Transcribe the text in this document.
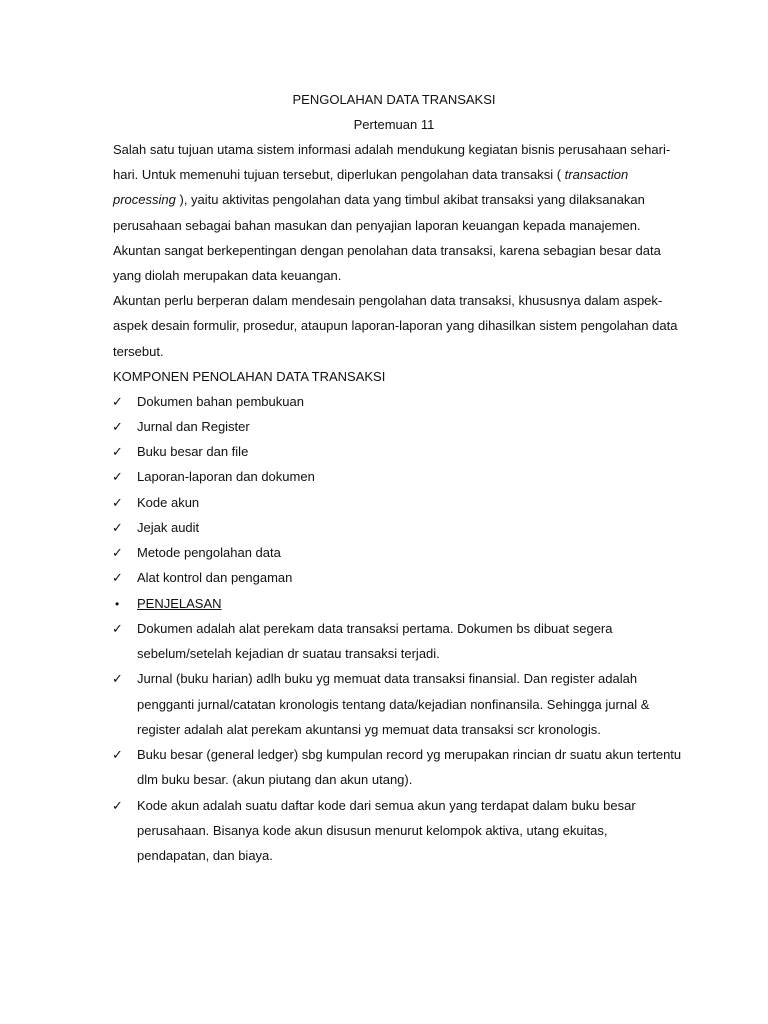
PENGOLAHAN DATA TRANSAKSI
Pertemuan 11
Salah satu tujuan utama sistem informasi adalah mendukung kegiatan bisnis perusahaan sehari-
hari. Untuk memenuhi tujuan tersebut, diperlukan pengolahan data transaksi ( transaction
processing ), yaitu aktivitas pengolahan data yang timbul akibat transaksi yang dilaksanakan
perusahaan sebagai bahan masukan dan penyajian laporan keuangan kepada manajemen.
Akuntan sangat berkepentingan dengan penolahan data transaksi, karena sebagian besar data
yang diolah merupakan data keuangan.
Akuntan perlu berperan dalam mendesain pengolahan data transaksi, khususnya dalam aspek-
aspek desain formulir, prosedur, ataupun laporan-laporan yang dihasilkan sistem pengolahan data
tersebut.
KOMPONEN PENOLAHAN DATA TRANSAKSI
✓ Dokumen bahan pembukuan
✓ Jurnal dan Register
✓ Buku besar dan file
✓ Laporan-laporan dan dokumen
✓ Kode akun
✓ Jejak audit
✓ Metode pengolahan data
✓ Alat kontrol dan pengaman
• PENJELASAN
✓ Dokumen adalah alat perekam data transaksi pertama. Dokumen bs dibuat segera
sebelum/setelah kejadian dr suatau transaksi terjadi.
✓ Jurnal (buku harian) adlh buku yg memuat data transaksi finansial. Dan register adalah
pengganti jurnal/catatan kronologis tentang data/kejadian nonfinansila. Sehingga jurnal &
register adalah alat perekam akuntansi yg memuat data transaksi scr kronologis.
✓ Buku besar (general ledger) sbg kumpulan record yg merupakan rincian dr suatu akun tertentu
dlm buku besar. (akun piutang dan akun utang).
✓ Kode akun adalah suatu daftar kode dari semua akun yang terdapat dalam buku besar
perusahaan. Bisanya kode akun disusun menurut kelompok aktiva, utang ekuitas,
pendapatan, dan biaya.
